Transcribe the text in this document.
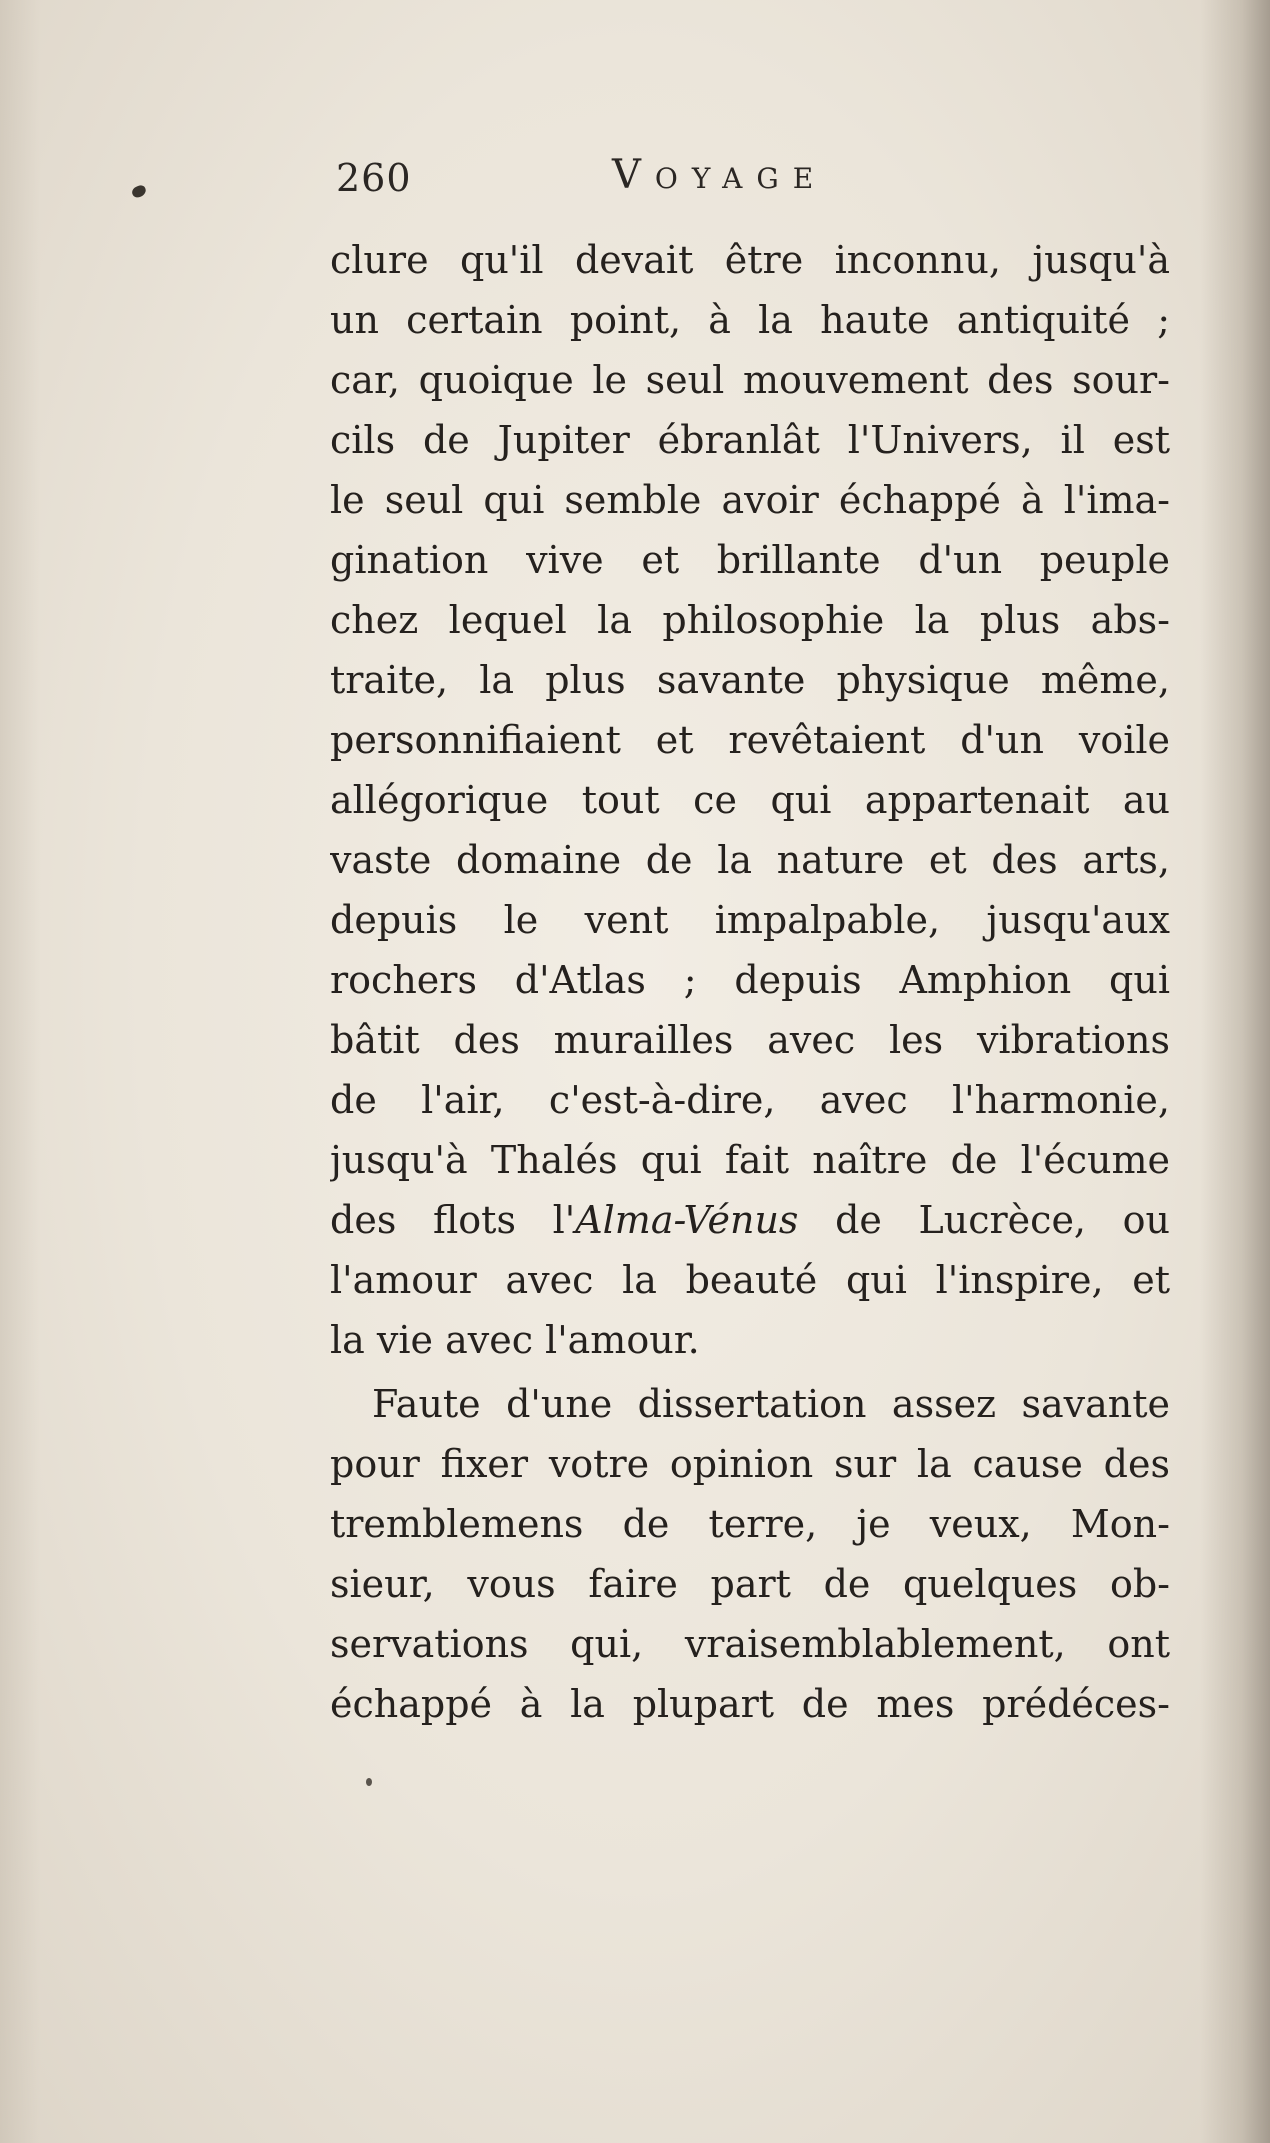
260	Voyage
clure qu'il devait être inconnu, jusqu'à
un certain point, à la haute antiquité ;
car, quoique le seul mouvement des sour-
cils de Jupiter ébranlât l'Univers, il est
le seul qui semble avoir échappé à l'ima-
gination vive et brillante d'un peuple
chez lequel la philosophie la plus abs-
traite, la plus savante physique même,
personnifiaient et revêtaient d'un voile
allégorique tout ce qui appartenait au
vaste domaine de la nature et des arts,
depuis le vent impalpable, jusqu'aux
rochers d'Atlas ; depuis Amphion qui
bâtit des murailles avec les vibrations
de l'air, c'est-à-dire, avec l'harmonie,
jusqu'à Thalés qui fait naître de l'écume
des flots l'Alma-Vénus de Lucrèce, ou
l'amour avec la beauté qui l'inspire, et
la vie avec l'amour.
Faute d'une dissertation assez savante
pour fixer votre opinion sur la cause des
tremblemens de terre, je veux, Mon-
sieur, vous faire part de quelques ob-
servations qui, vraisemblablement, ont
échappé à la plupart de mes prédéces-
